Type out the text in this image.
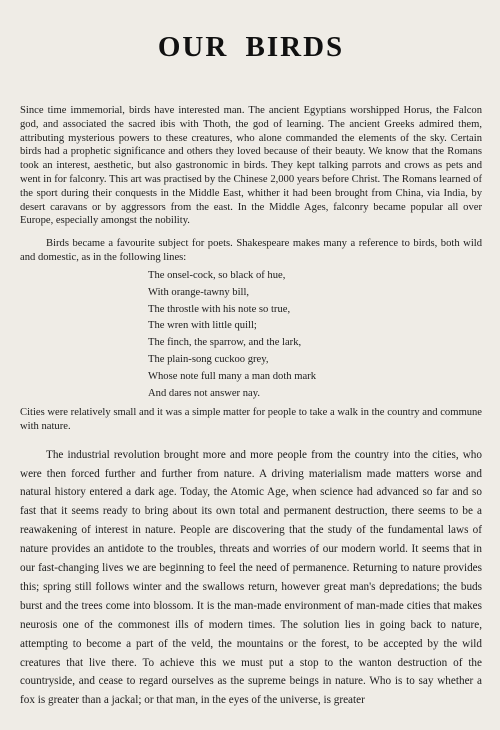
OUR BIRDS

Since time immemorial, birds have interested man. The ancient Egyptians worshipped Horus, the Falcon god, and associated the sacred ibis with Thoth, the god of learning. The ancient Greeks admired them, attributing mysterious powers to these creatures, who alone commanded the elements of the sky. Certain birds had a prophetic significance and others they loved because of their beauty. We know that the Romans took an interest, aesthetic, but also gastronomic in birds. They kept talking parrots and crows as pets and went in for falconry. This art was practised by the Chinese 2,000 years before Christ. The Romans learned of the sport during their conquests in the Middle East, whither it had been brought from China, via India, by desert caravans or by aggressors from the east. In the Middle Ages, falconry became popular all over Europe, especially amongst the nobility.

Birds became a favourite subject for poets. Shakespeare makes many a reference to birds, both wild and domestic, as in the following lines:

The onsel-cock, so black of hue,
With orange-tawny bill,
The throstle with his note so true,
The wren with little quill;
The finch, the sparrow, and the lark,
The plain-song cuckoo grey,
Whose note full many a man doth mark
And dares not answer nay.

Cities were relatively small and it was a simple matter for people to take a walk in the country and commune with nature.

The industrial revolution brought more and more people from the country into the cities, who were then forced further and further from nature. A driving materialism made matters worse and natural history entered a dark age. Today, the Atomic Age, when science had advanced so far and so fast that it seems ready to bring about its own total and permanent destruction, there seems to be a reawakening of interest in nature. People are discovering that the study of the fundamental laws of nature provides an antidote to the troubles, threats and worries of our modern world. It seems that in our fast-changing lives we are beginning to feel the need of permanence. Returning to nature provides this; spring still follows winter and the swallows return, however great man's depredations; the buds burst and the trees come into blossom. It is the man-made environment of man-made cities that makes neurosis one of the commonest ills of modern times. The solution lies in going back to nature, attempting to become a part of the veld, the mountains or the forest, to be accepted by the wild creatures that live there. To achieve this we must put a stop to the wanton destruction of the countryside, and cease to regard ourselves as the supreme beings in nature. Who is to say whether a fox is greater than a jackal; or that man, in the eyes of the universe, is greater
